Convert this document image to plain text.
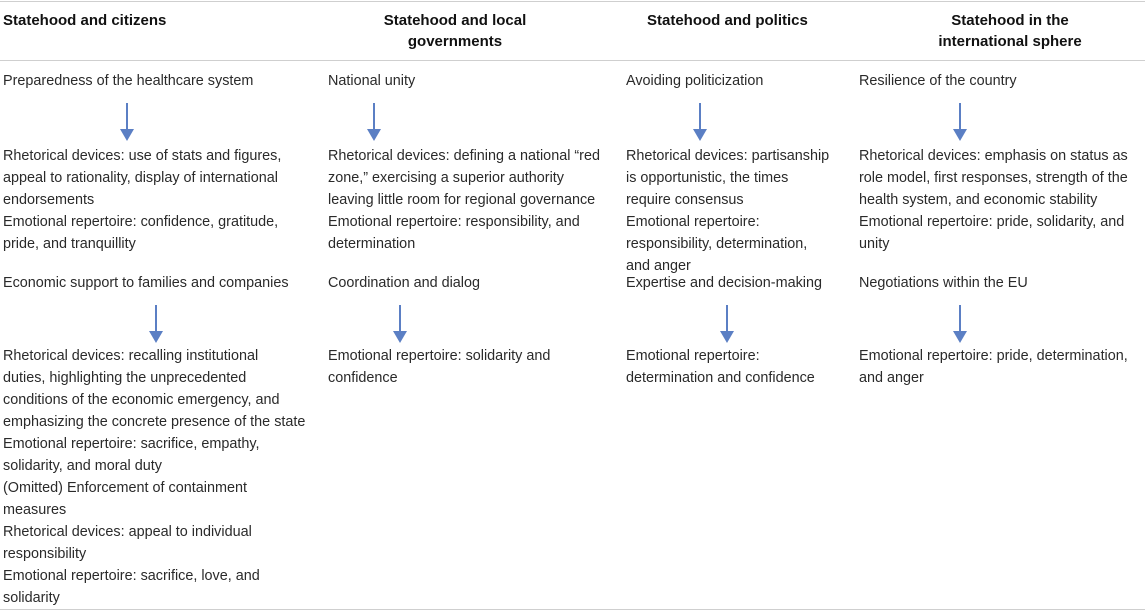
Statehood and citizens	Statehood and local
governments
Statehood and politics	Statehood in the
international sphere
Preparedness of the healthcare system
Rhetorical devices: use of stats and figures,
appeal to rationality, display of international
endorsements
Emotional repertoire: confidence, gratitude,
pride, and tranquillity
Economic support to families and companies
Rhetorical devices: recalling institutional
duties, highlighting the unprecedented
conditions of the economic emergency, and
emphasizing the concrete presence of the state
Emotional repertoire: sacrifice, empathy,
solidarity, and moral duty
(Omitted) Enforcement of containment
measures
Rhetorical devices: appeal to individual
responsibility
Emotional repertoire: sacrifice, love, and
solidarity
National unity
Rhetorical devices: defining a national “red
zone,” exercising a superior authority
leaving little room for regional governance
Emotional repertoire: responsibility, and
determination
Coordination and dialog
Emotional repertoire: solidarity and
confidence
Avoiding politicization
Rhetorical devices: partisanship
is opportunistic, the times
require consensus
Emotional repertoire:
responsibility, determination,
and anger
Expertise and decision-making
Emotional repertoire:
determination and confidence
Resilience of the country
Rhetorical devices: emphasis on status as
role model, first responses, strength of the
health system, and economic stability
Emotional repertoire: pride, solidarity, and
unity
Negotiations within the EU
Emotional repertoire: pride, determination,
and anger
